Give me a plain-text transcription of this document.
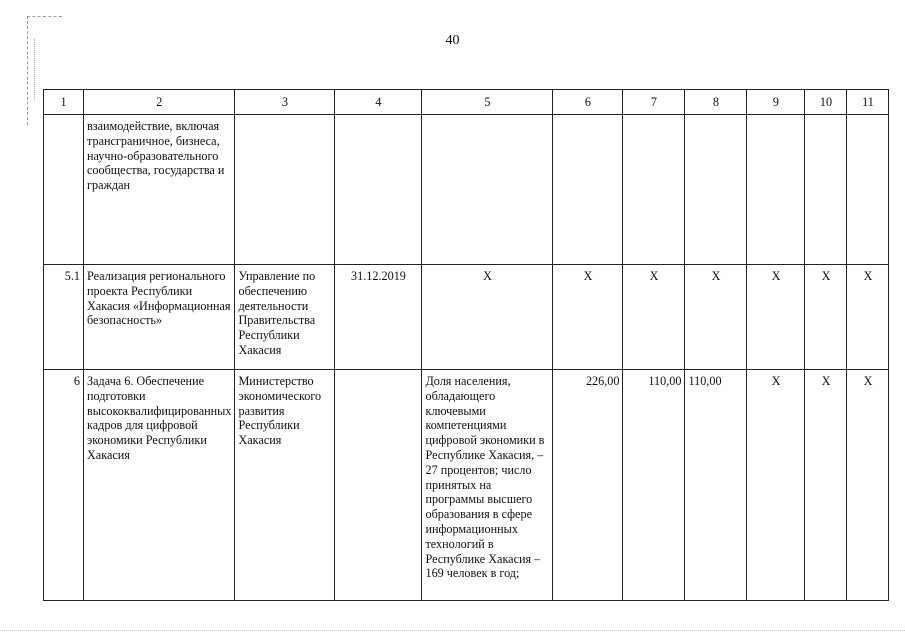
40
1	2	3	4	5	6	7	8	9	10	11
	взаимодействие, включая трансграничное, бизнеса, научно-образовательного сообщества, государства и граждан									
5.1	Реализация регионального проекта Республики Хакасия «Информационная безопасность»	Управление по обеспечению деятельности Правительства Республики Хакасия	31.12.2019	Х	Х	Х	Х	Х	Х	Х
6	Задача 6. Обеспечение подготовки высококвалифицированных кадров для цифровой экономики Республики Хакасия	Министерство экономического развития Республики Хакасия		Доля населения, обладающего ключевыми компетенциями цифровой экономики в Республике Хакасия, – 27 процентов; число принятых на программы высшего образования в сфере информационных технологий в Республике Хакасия – 169 человек в год;	226,00	110,00	110,00	Х	Х	Х
